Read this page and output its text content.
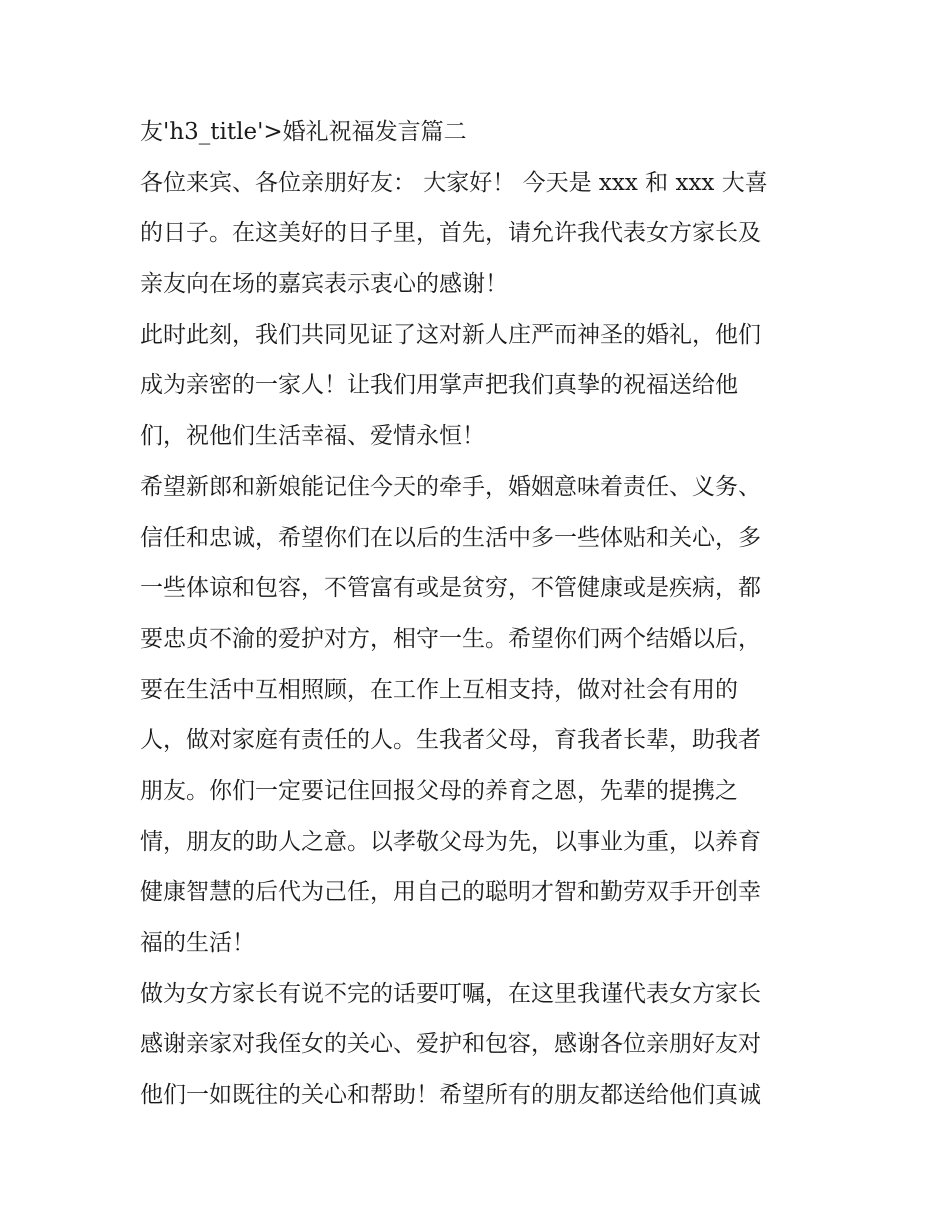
友'h3_title'>婚礼祝福发言篇二
各位来宾、各位亲朋好友： 大家好！ 今天是 xxx 和 xxx 大喜
的日子。在这美好的日子里，首先，请允许我代表女方家长及
亲友向在场的嘉宾表示衷心的感谢！
此时此刻，我们共同见证了这对新人庄严而神圣的婚礼，他们
成为亲密的一家人！让我们用掌声把我们真挚的祝福送给他
们，祝他们生活幸福、爱情永恒！
希望新郎和新娘能记住今天的牵手，婚姻意味着责任、义务、
信任和忠诚，希望你们在以后的生活中多一些体贴和关心，多
一些体谅和包容，不管富有或是贫穷，不管健康或是疾病，都
要忠贞不渝的爱护对方，相守一生。希望你们两个结婚以后，
要在生活中互相照顾，在工作上互相支持，做对社会有用的
人，做对家庭有责任的人。生我者父母，育我者长辈，助我者
朋友。你们一定要记住回报父母的养育之恩，先辈的提携之
情，朋友的助人之意。以孝敬父母为先，以事业为重，以养育
健康智慧的后代为己任，用自己的聪明才智和勤劳双手开创幸
福的生活！
做为女方家长有说不完的话要叮嘱，在这里我谨代表女方家长
感谢亲家对我侄女的关心、爱护和包容，感谢各位亲朋好友对
他们一如既往的关心和帮助！希望所有的朋友都送给他们真诚
